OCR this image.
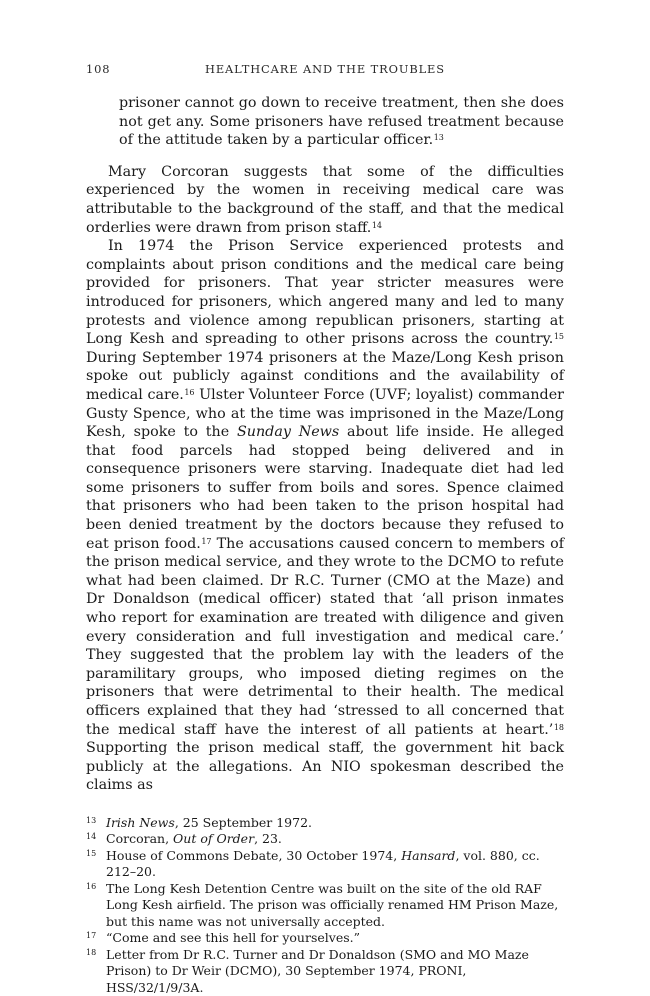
108	HEALTHCARE AND THE TROUBLES
prisoner cannot go down to receive treatment, then she does not get any. Some prisoners have refused treatment because of the attitude taken by a particular officer.$^{13}$

Mary Corcoran suggests that some of the difficulties experienced by the women in receiving medical care was attributable to the background of the staff, and that the medical orderlies were drawn from prison staff.$^{14}$

In 1974 the Prison Service experienced protests and complaints about prison conditions and the medical care being provided for prisoners. That year stricter measures were introduced for prisoners, which angered many and led to many protests and violence among republican prisoners, starting at Long Kesh and spreading to other prisons across the country.$^{15}$ During September 1974 prisoners at the Maze/Long Kesh prison spoke out publicly against conditions and the availability of medical care.$^{16}$ Ulster Volunteer Force (UVF; loyalist) commander Gusty Spence, who at the time was imprisoned in the Maze/Long Kesh, spoke to the Sunday News about life inside. He alleged that food parcels had stopped being delivered and in consequence prisoners were starving. Inadequate diet had led some prisoners to suffer from boils and sores. Spence claimed that prisoners who had been taken to the prison hospital had been denied treatment by the doctors because they refused to eat prison food.$^{17}$ The accusations caused concern to members of the prison medical service, and they wrote to the DCMO to refute what had been claimed. Dr R.C. Turner (CMO at the Maze) and Dr Donaldson (medical officer) stated that ‘all prison inmates who report for examination are treated with diligence and given every consideration and full investigation and medical care.’ They suggested that the problem lay with the leaders of the paramilitary groups, who imposed dieting regimes on the prisoners that were detrimental to their health. The medical officers explained that they had ‘stressed to all concerned that the medical staff have the interest of all patients at heart.’$^{18}$ Supporting the prison medical staff, the government hit back publicly at the allegations. An NIO spokesman described the claims as

13 Irish News, 25 September 1972.
14 Corcoran, Out of Order, 23.
15 House of Commons Debate, 30 October 1974, Hansard, vol. 880, cc. 212–20.
16 The Long Kesh Detention Centre was built on the site of the old RAF Long Kesh airfield. The prison was officially renamed HM Prison Maze, but this name was not universally accepted.
17 “Come and see this hell for yourselves.”
18 Letter from Dr R.C. Turner and Dr Donaldson (SMO and MO Maze Prison) to Dr Weir (DCMO), 30 September 1974, PRONI, HSS/32/1/9/3A.
